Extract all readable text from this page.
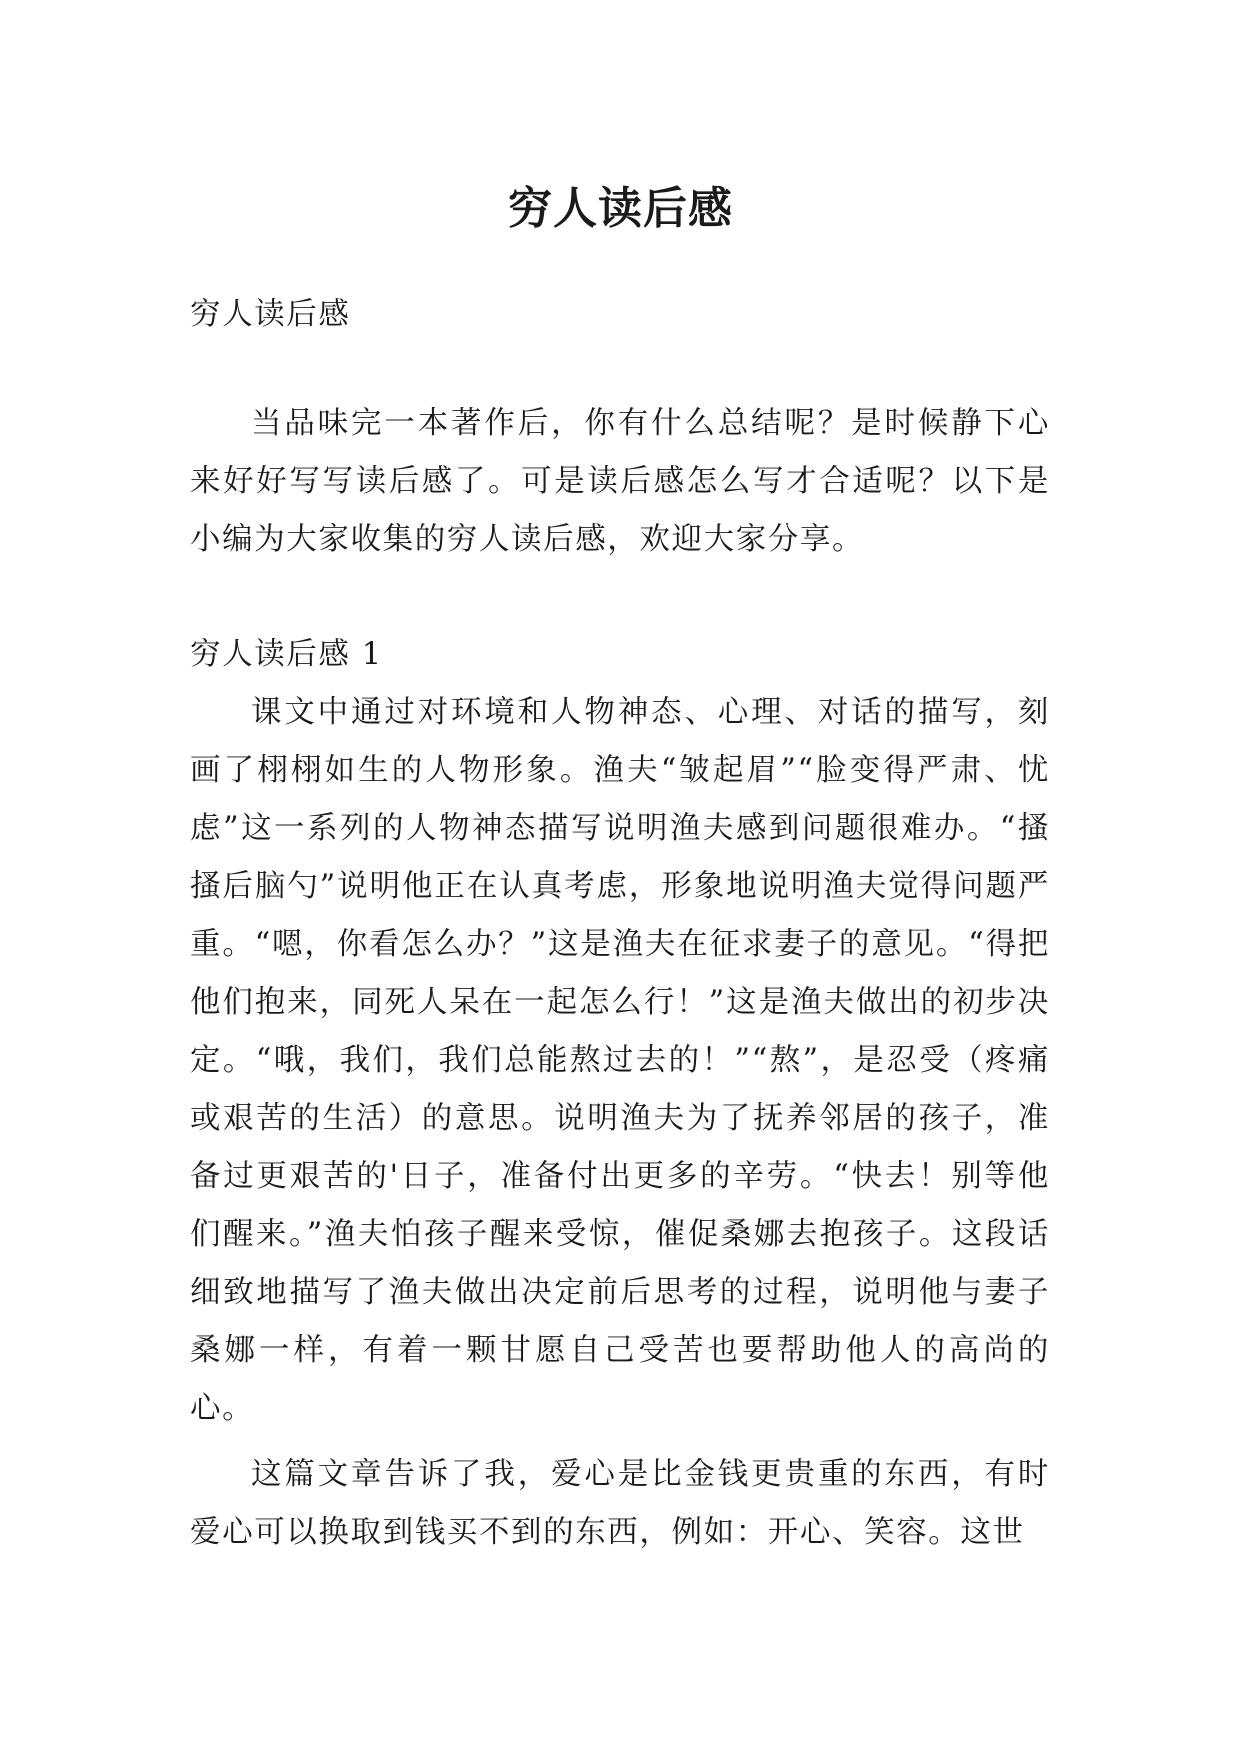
穷人读后感

穷人读后感

当品味完一本著作后，你有什么总结呢？是时候静下心来好好写写读后感了。可是读后感怎么写才合适呢？以下是小编为大家收集的穷人读后感，欢迎大家分享。

穷人读后感 1

课文中通过对环境和人物神态、心理、对话的描写，刻画了栩栩如生的人物形象。渔夫“皱起眉”“脸变得严肃、忧虑”这一系列的人物神态描写说明渔夫感到问题很难办。“搔搔后脑勺”说明他正在认真考虑，形象地说明渔夫觉得问题严重。“嗯，你看怎么办？”这是渔夫在征求妻子的意见。“得把他们抱来，同死人呆在一起怎么行！”这是渔夫做出的初步决定。“哦，我们，我们总能熬过去的！”“熬”，是忍受（疼痛或艰苦的生活）的意思。说明渔夫为了抚养邻居的孩子，准备过更艰苦的'日子，准备付出更多的辛劳。“快去！别等他们醒来。”渔夫怕孩子醒来受惊，催促桑娜去抱孩子。这段话细致地描写了渔夫做出决定前后思考的过程，说明他与妻子桑娜一样，有着一颗甘愿自己受苦也要帮助他人的高尚的心。

这篇文章告诉了我，爱心是比金钱更贵重的东西，有时爱心可以换取到钱买不到的东西，例如：开心、笑容。这世
